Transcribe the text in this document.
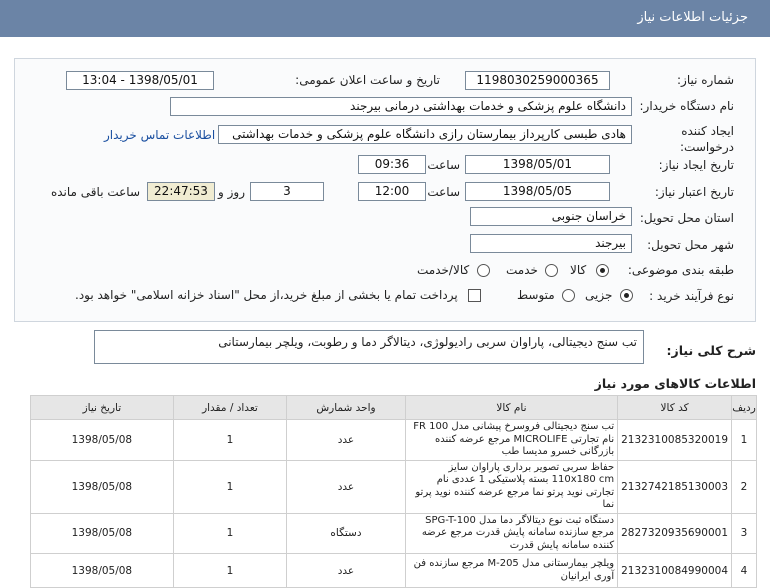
جزئیات اطلاعات نیاز
شماره نیاز:
1198030259000365
تاریخ و ساعت اعلان عمومی:
1398/05/01 - 13:04
نام دستگاه خریدار:
دانشگاه علوم پزشکی و خدمات بهداشتی درمانی بیرجند
ایجاد کننده درخواست:
هادی طبسی کارپرداز بیمارستان رازی دانشگاه علوم پزشکی و خدمات بهداشتی
اطلاعات تماس خریدار
تاریخ ایجاد نیاز:
1398/05/01
ساعت
09:36
تاریخ اعتبار نیاز:
1398/05/05
ساعت
12:00
3
روز و
22:47:53
ساعت باقی مانده
استان محل تحویل:
خراسان جنوبی
شهر محل تحویل:
بیرجند
طبقه بندی موضوعی:
کالا
خدمت
کالا/خدمت
نوع فرآیند خرید :
جزیی
متوسط
پرداخت تمام یا بخشی از مبلغ خرید،از محل "اسناد خزانه اسلامی" خواهد بود.
شرح کلی نیاز:
تب سنج دیجیتالی، پاراوان سربی رادیولوژی، دیتالاگر دما و رطوبت، ویلچر بیمارستانی
اطلاعات کالاهای مورد نیاز
ردیف	کد کالا	نام کالا	واحد شمارش	تعداد / مقدار	تاریخ نیاز
1	2132310085320019	تب سنج دیجیتالی فروسرخ پیشانی مدل FR 100 نام تجارتی MICROLIFE مرجع عرضه کننده بازرگانی خسرو مدیسا طب	عدد	1	1398/05/08
2	2132742185130003	حفاظ سربی تصویر برداری پاراوان سایز 110x180 cm بسته پلاستیکی 1 عددی نام تجارتی نوید پرتو نما مرجع عرضه کننده نوید پرتو نما	عدد	1	1398/05/08
3	2827320935690001	دستگاه ثبت نوع دیتالاگر دما مدل SPG-T-100 مرجع سازنده سامانه پایش قدرت مرجع عرضه کننده سامانه پایش قدرت	دستگاه	1	1398/05/08
4	2132310084990004	ویلچر بیمارستانی مدل M-205 مرجع سازنده فن آوری ایرانیان	عدد	1	1398/05/08
